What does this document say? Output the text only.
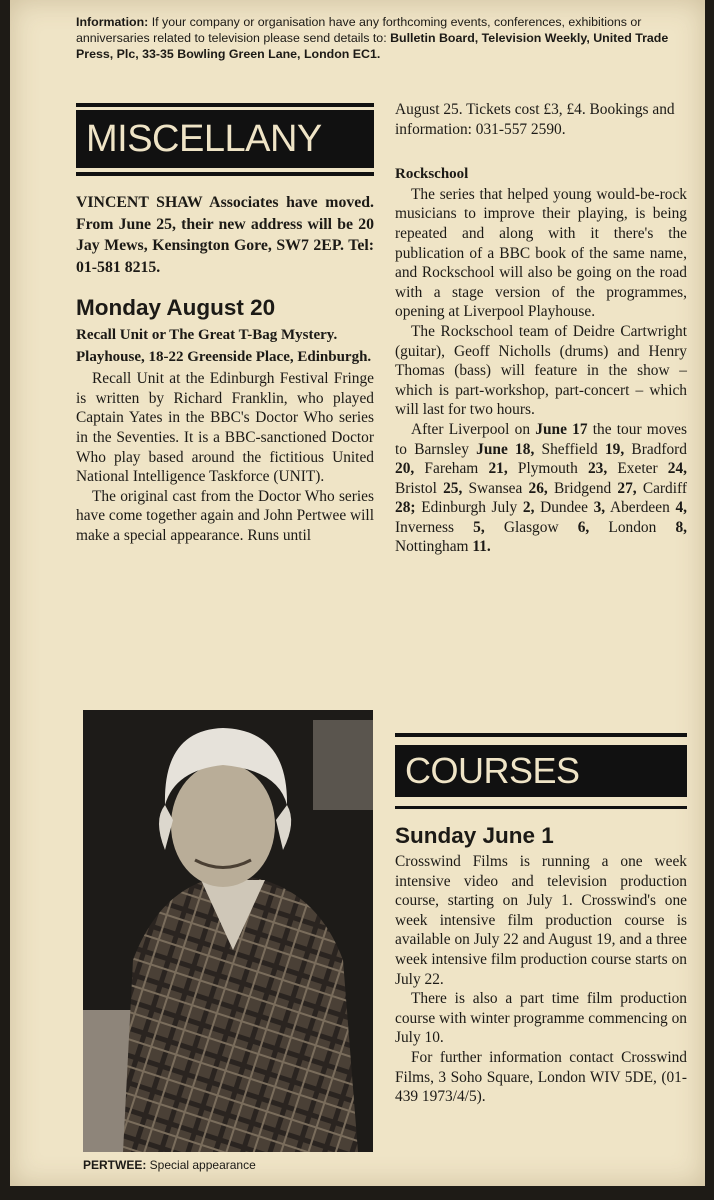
Information: If your company or organisation have any forthcoming events, conferences, exhibitions or anniversaries related to television please send details to: Bulletin Board, Television Weekly, United Trade Press, Plc, 33-35 Bowling Green Lane, London EC1.
MISCELLANY

VINCENT SHAW Associates have moved. From June 25, their new address will be 20 Jay Mews, Kensington Gore, SW7 2EP. Tel: 01-581 8215.

Monday August 20

Recall Unit or The Great T-Bag Mystery.

Playhouse, 18-22 Greenside Place, Edinburgh.

Recall Unit at the Edinburgh Festival Fringe is written by Richard Franklin, who played Captain Yates in the BBC's Doctor Who series in the Seventies. It is a BBC-sanctioned Doctor Who play based around the fictitious United National Intelligence Taskforce (UNIT).

The original cast from the Doctor Who series have come together again and John Pertwee will make a special appearance. Runs until

PERTWEE: Special appearance

August 25. Tickets cost £3, £4. Bookings and information: 031-557 2590.

Rockschool

The series that helped young would-be-rock musicians to improve their playing, is being repeated and along with it there's the publication of a BBC book of the same name, and Rockschool will also be going on the road with a stage version of the programmes, opening at Liverpool Playhouse.

The Rockschool team of Deidre Cartwright (guitar), Geoff Nicholls (drums) and Henry Thomas (bass) will feature in the show – which is part-workshop, part-concert – which will last for two hours.

After Liverpool on June 17 the tour moves to Barnsley June 18, Sheffield 19, Bradford 20, Fareham 21, Plymouth 23, Exeter 24, Bristol 25, Swansea 26, Bridgend 27, Cardiff 28; Edinburgh July 2, Dundee 3, Aberdeen 4, Inverness 5, Glasgow 6, London 8, Nottingham 11.

COURSES

Sunday June 1

Crosswind Films is running a one week intensive video and television production course, starting on July 1. Crosswind's one week intensive film production course is available on July 22 and August 19, and a three week intensive film production course starts on July 22.

There is also a part time film production course with winter programme commencing on July 10.

For further information contact Crosswind Films, 3 Soho Square, London WIV 5DE, (01-439 1973/4/5).
